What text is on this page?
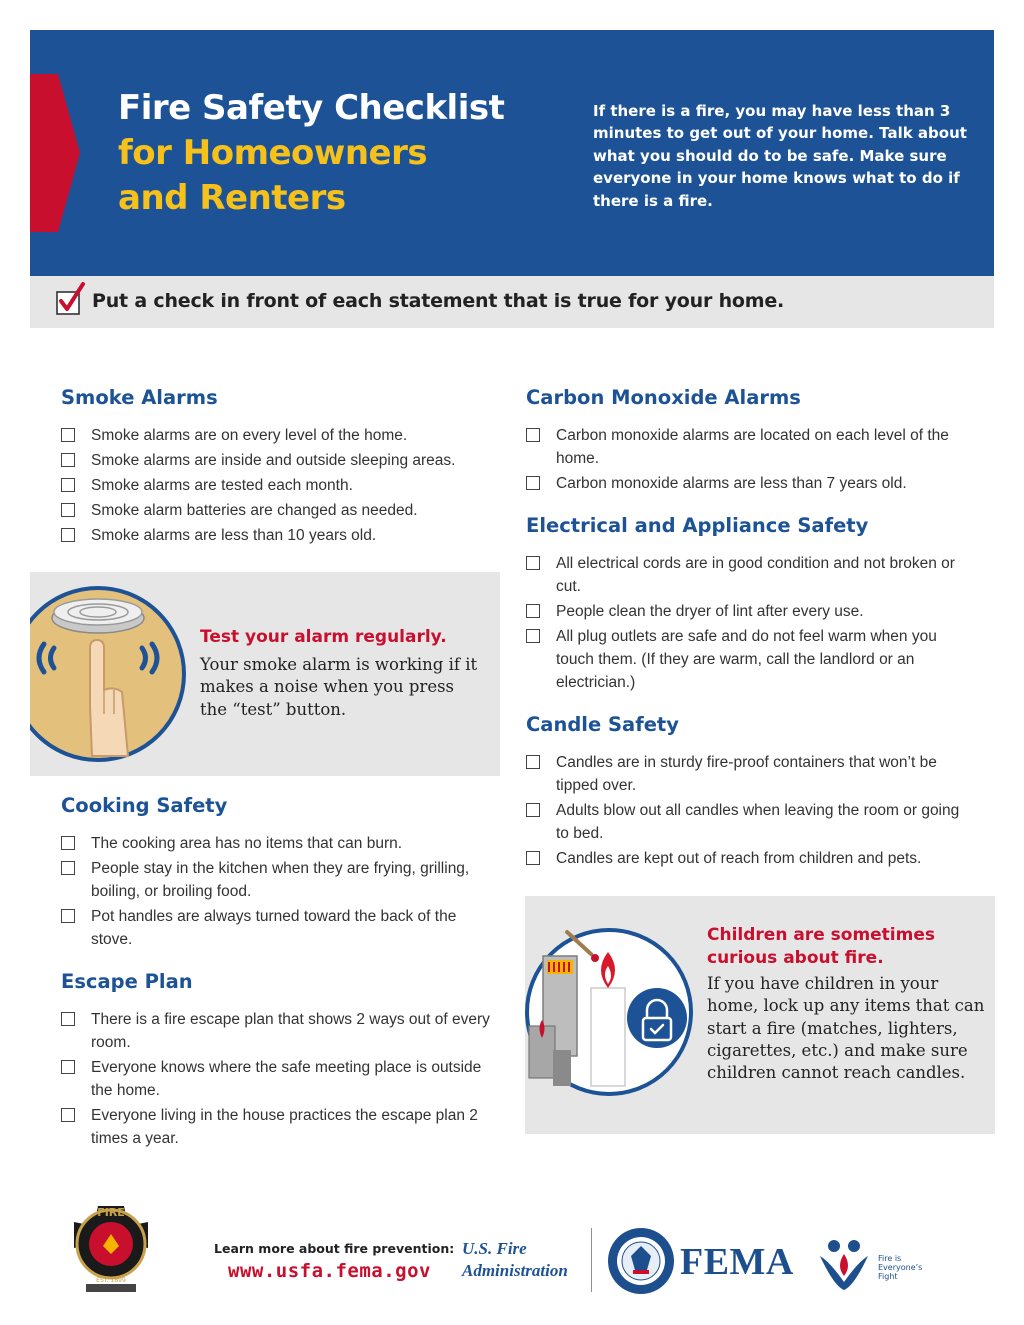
Fire Safety Checklist
for Homeowners
and Renters
If there is a fire, you may have less than 3 minutes to get out of your home. Talk about what you should do to be safe. Make sure everyone in your home knows what to do if there is a fire.
Put a check in front of each statement that is true for your home.
Smoke Alarms
Smoke alarms are on every level of the home.
Smoke alarms are inside and outside sleeping areas.
Smoke alarms are tested each month.
Smoke alarm batteries are changed as needed.
Smoke alarms are less than 10 years old.
Test your alarm regularly.
Your smoke alarm is working if it makes a noise when you press the “test” button.
Cooking Safety
The cooking area has no items that can burn.
People stay in the kitchen when they are frying, grilling, boiling, or broiling food.
Pot handles are always turned toward the back of the stove.
Escape Plan
There is a fire escape plan that shows 2 ways out of every room.
Everyone knows where the safe meeting place is outside the home.
Everyone living in the house practices the escape plan 2 times a year.
Carbon Monoxide Alarms
Carbon monoxide alarms are located on each level of the home.
Carbon monoxide alarms are less than 7 years old.
Electrical and Appliance Safety
All electrical cords are in good condition and not broken or cut.
People clean the dryer of lint after every use.
All plug outlets are safe and do not feel warm when you touch them. (If they are warm, call the landlord or an electrician.)
Candle Safety
Candles are in sturdy fire-proof containers that won’t be tipped over.
Adults blow out all candles when leaving the room or going to bed.
Candles are kept out of reach from children and pets.
Children are sometimes curious about fire.
If you have children in your home, lock up any items that can start a fire (matches, lighters, cigarettes, etc.) and make sure children cannot reach candles.
FIRE
EST. 1899
Learn more about fire prevention:
www.usfa.fema.gov
U.S. Fire
Administration	FEMA	Fire is Everyone’s Fight
